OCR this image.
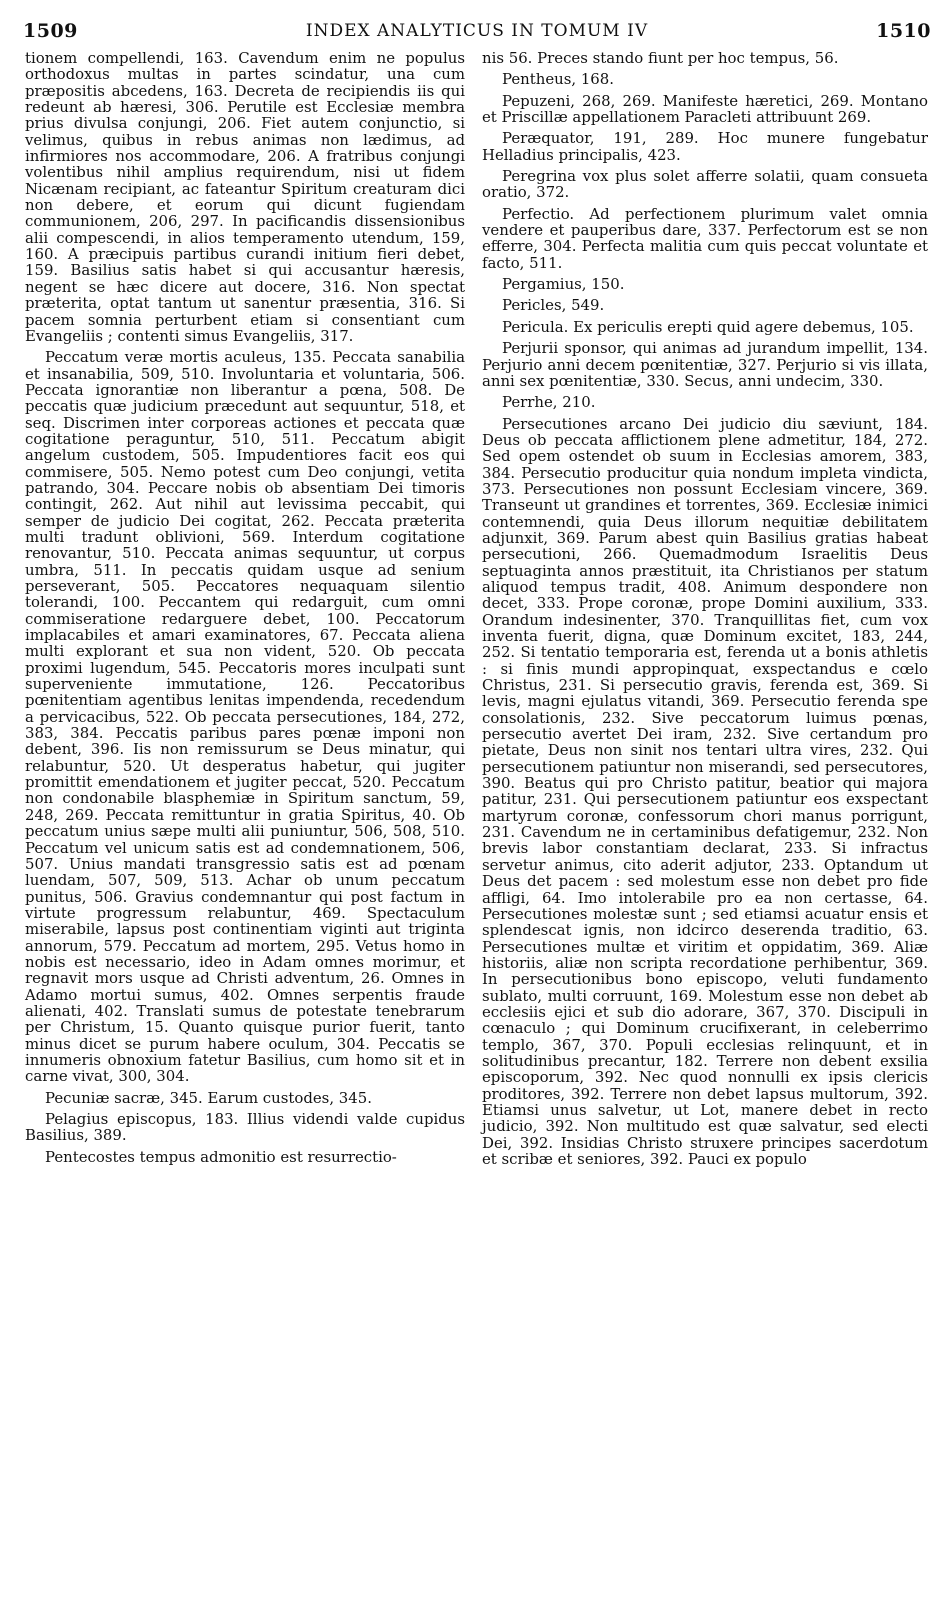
1509	INDEX ANALYTICUS IN TOMUM IV	1510

tionem compellendi, 163. Cavendum enim ne populus orthodoxus multas in partes scindatur, una cum præpositis abcedens, 163. Decreta de recipiendis iis qui redeunt ab hæresi, 306. Perutile est Ecclesiæ membra prius divulsa conjungi, 206. Fiet autem conjunctio, si velimus, quibus in rebus animas non lædimus, ad infirmiores nos accommodare, 206. A fratribus conjungi volentibus nihil amplius requirendum, nisi ut fidem Nicænam recipiant, ac fateantur Spiritum creaturam dici non debere, et eorum qui dicunt fugiendam communionem, 206, 297. In pacificandis dissensionibus alii compescendi, in alios temperamento utendum, 159, 160. A præcipuis partibus curandi initium fieri debet, 159. Basilius satis habet si qui accusantur hæresis, negent se hæc dicere aut docere, 316. Non spectat præterita, optat tantum ut sanentur præsentia, 316. Si pacem somnia perturbent etiam si consentiant cum Evangeliis ; contenti simus Evangeliis, 317.

Peccatum veræ mortis aculeus, 135. Peccata sanabilia et insanabilia, 509, 510. Involuntaria et voluntaria, 506. Peccata ignorantiæ non liberantur a pœna, 508. De peccatis quæ judicium præcedunt aut sequuntur, 518, et seq. Discrimen inter corporeas actiones et peccata quæ cogitatione peraguntur, 510, 511. Peccatum abigit angelum custodem, 505. Impudentiores facit eos qui commisere, 505. Nemo potest cum Deo conjungi, vetita patrando, 304. Peccare nobis ob absentiam Dei timoris contingit, 262. Aut nihil aut levissima peccabit, qui semper de judicio Dei cogitat, 262. Peccata præterita multi tradunt oblivioni, 569. Interdum cogitatione renovantur, 510. Peccata animas sequuntur, ut corpus umbra, 511. In peccatis quidam usque ad senium perseverant, 505. Peccatores nequaquam silentio tolerandi, 100. Peccantem qui redarguit, cum omni commiseratione redarguere debet, 100. Peccatorum implacabiles et amari examinatores, 67. Peccata aliena multi explorant et sua non vident, 520. Ob peccata proximi lugendum, 545. Peccatoris mores inculpati sunt superveniente immutatione, 126. Peccatoribus pœnitentiam agentibus lenitas impendenda, recedendum a pervicacibus, 522. Ob peccata persecutiones, 184, 272, 383, 384. Peccatis paribus pares pœnæ imponi non debent, 396. Iis non remissurum se Deus minatur, qui relabuntur, 520. Ut desperatus habetur, qui jugiter promittit emendationem et jugiter peccat, 520. Peccatum non condonabile blasphemiæ in Spiritum sanctum, 59, 248, 269. Peccata remittuntur in gratia Spiritus, 40. Ob peccatum unius sæpe multi alii puniuntur, 506, 508, 510. Peccatum vel unicum satis est ad condemnationem, 506, 507. Unius mandati transgressio satis est ad pœnam luendam, 507, 509, 513. Achar ob unum peccatum punitus, 506. Gravius condemnantur qui post factum in virtute progressum relabuntur, 469. Spectaculum miserabile, lapsus post continentiam viginti aut triginta annorum, 579. Peccatum ad mortem, 295. Vetus homo in nobis est necessario, ideo in Adam omnes morimur, et regnavit mors usque ad Christi adventum, 26. Omnes in Adamo mortui sumus, 402. Omnes serpentis fraude alienati, 402. Translati sumus de potestate tenebrarum per Christum, 15. Quanto quisque purior fuerit, tanto minus dicet se purum habere oculum, 304. Peccatis se innumeris obnoxium fatetur Basilius, cum homo sit et in carne vivat, 300, 304.

Pecuniæ sacræ, 345. Earum custodes, 345.

Pelagius episcopus, 183. Illius videndi valde cupidus Basilius, 389.

Pentecostes tempus admonitio est resurrectio-

nis 56. Preces stando fiunt per hoc tempus, 56.

Pentheus, 168.

Pepuzeni, 268, 269. Manifeste hæretici, 269. Montano et Priscillæ appellationem Paracleti attribuunt 269.

Peræquator, 191, 289. Hoc munere fungebatur Helladius principalis, 423.

Peregrina vox plus solet afferre solatii, quam consueta oratio, 372.

Perfectio. Ad perfectionem plurimum valet omnia vendere et pauperibus dare, 337. Perfectorum est se non efferre, 304. Perfecta malitia cum quis peccat voluntate et facto, 511.

Pergamius, 150.

Pericles, 549.

Pericula. Ex periculis erepti quid agere debemus, 105.

Perjurii sponsor, qui animas ad jurandum impellit, 134. Perjurio anni decem pœnitentiæ, 327. Perjurio si vis illata, anni sex pœnitentiæ, 330. Secus, anni undecim, 330.

Perrhe, 210.

Persecutiones arcano Dei judicio diu sæviunt, 184. Deus ob peccata afflictionem plene admetitur, 184, 272. Sed opem ostendet ob suum in Ecclesias amorem, 383, 384. Persecutio producitur quia nondum impleta vindicta, 373. Persecutiones non possunt Ecclesiam vincere, 369. Transeunt ut grandines et torrentes, 369. Ecclesiæ inimici contemnendi, quia Deus illorum nequitiæ debilitatem adjunxit, 369. Parum abest quin Basilius gratias habeat persecutioni, 266. Quemadmodum Israelitis Deus septuaginta annos præstituit, ita Christianos per statum aliquod tempus tradit, 408. Animum despondere non decet, 333. Prope coronæ, prope Domini auxilium, 333. Orandum indesinenter, 370. Tranquillitas fiet, cum vox inventa fuerit, digna, quæ Dominum excitet, 183, 244, 252. Si tentatio temporaria est, ferenda ut a bonis athletis : si finis mundi appropinquat, exspectandus e cœlo Christus, 231. Si persecutio gravis, ferenda est, 369. Si levis, magni ejulatus vitandi, 369. Persecutio ferenda spe consolationis, 232. Sive peccatorum luimus pœnas, persecutio avertet Dei iram, 232. Sive certandum pro pietate, Deus non sinit nos tentari ultra vires, 232. Qui persecutionem patiuntur non miserandi, sed persecutores, 390. Beatus qui pro Christo patitur, beatior qui majora patitur, 231. Qui persecutionem patiuntur eos exspectant martyrum coronæ, confessorum chori manus porrigunt, 231. Cavendum ne in certaminibus defatigemur, 232. Non brevis labor constantiam declarat, 233. Si infractus servetur animus, cito aderit adjutor, 233. Optandum ut Deus det pacem : sed molestum esse non debet pro fide affligi, 64. Imo intolerabile pro ea non certasse, 64. Persecutiones molestæ sunt ; sed etiamsi acuatur ensis et splendescat ignis, non idcirco deserenda traditio, 63. Persecutiones multæ et viritim et oppidatim, 369. Aliæ historiis, aliæ non scripta recordatione perhibentur, 369. In persecutionibus bono episcopo, veluti fundamento sublato, multi corruunt, 169. Molestum esse non debet ab ecclesiis ejici et sub dio adorare, 367, 370. Discipuli in cœnaculo ; qui Dominum crucifixerant, in celeberrimo templo, 367, 370. Populi ecclesias relinquunt, et in solitudinibus precantur, 182. Terrere non debent exsilia episcoporum, 392. Nec quod nonnulli ex ipsis clericis proditores, 392. Terrere non debet lapsus multorum, 392. Etiamsi unus salvetur, ut Lot, manere debet in recto judicio, 392. Non multitudo est quæ salvatur, sed electi Dei, 392. Insidias Christo struxere principes sacerdotum et scribæ et seniores, 392. Pauci ex populo
